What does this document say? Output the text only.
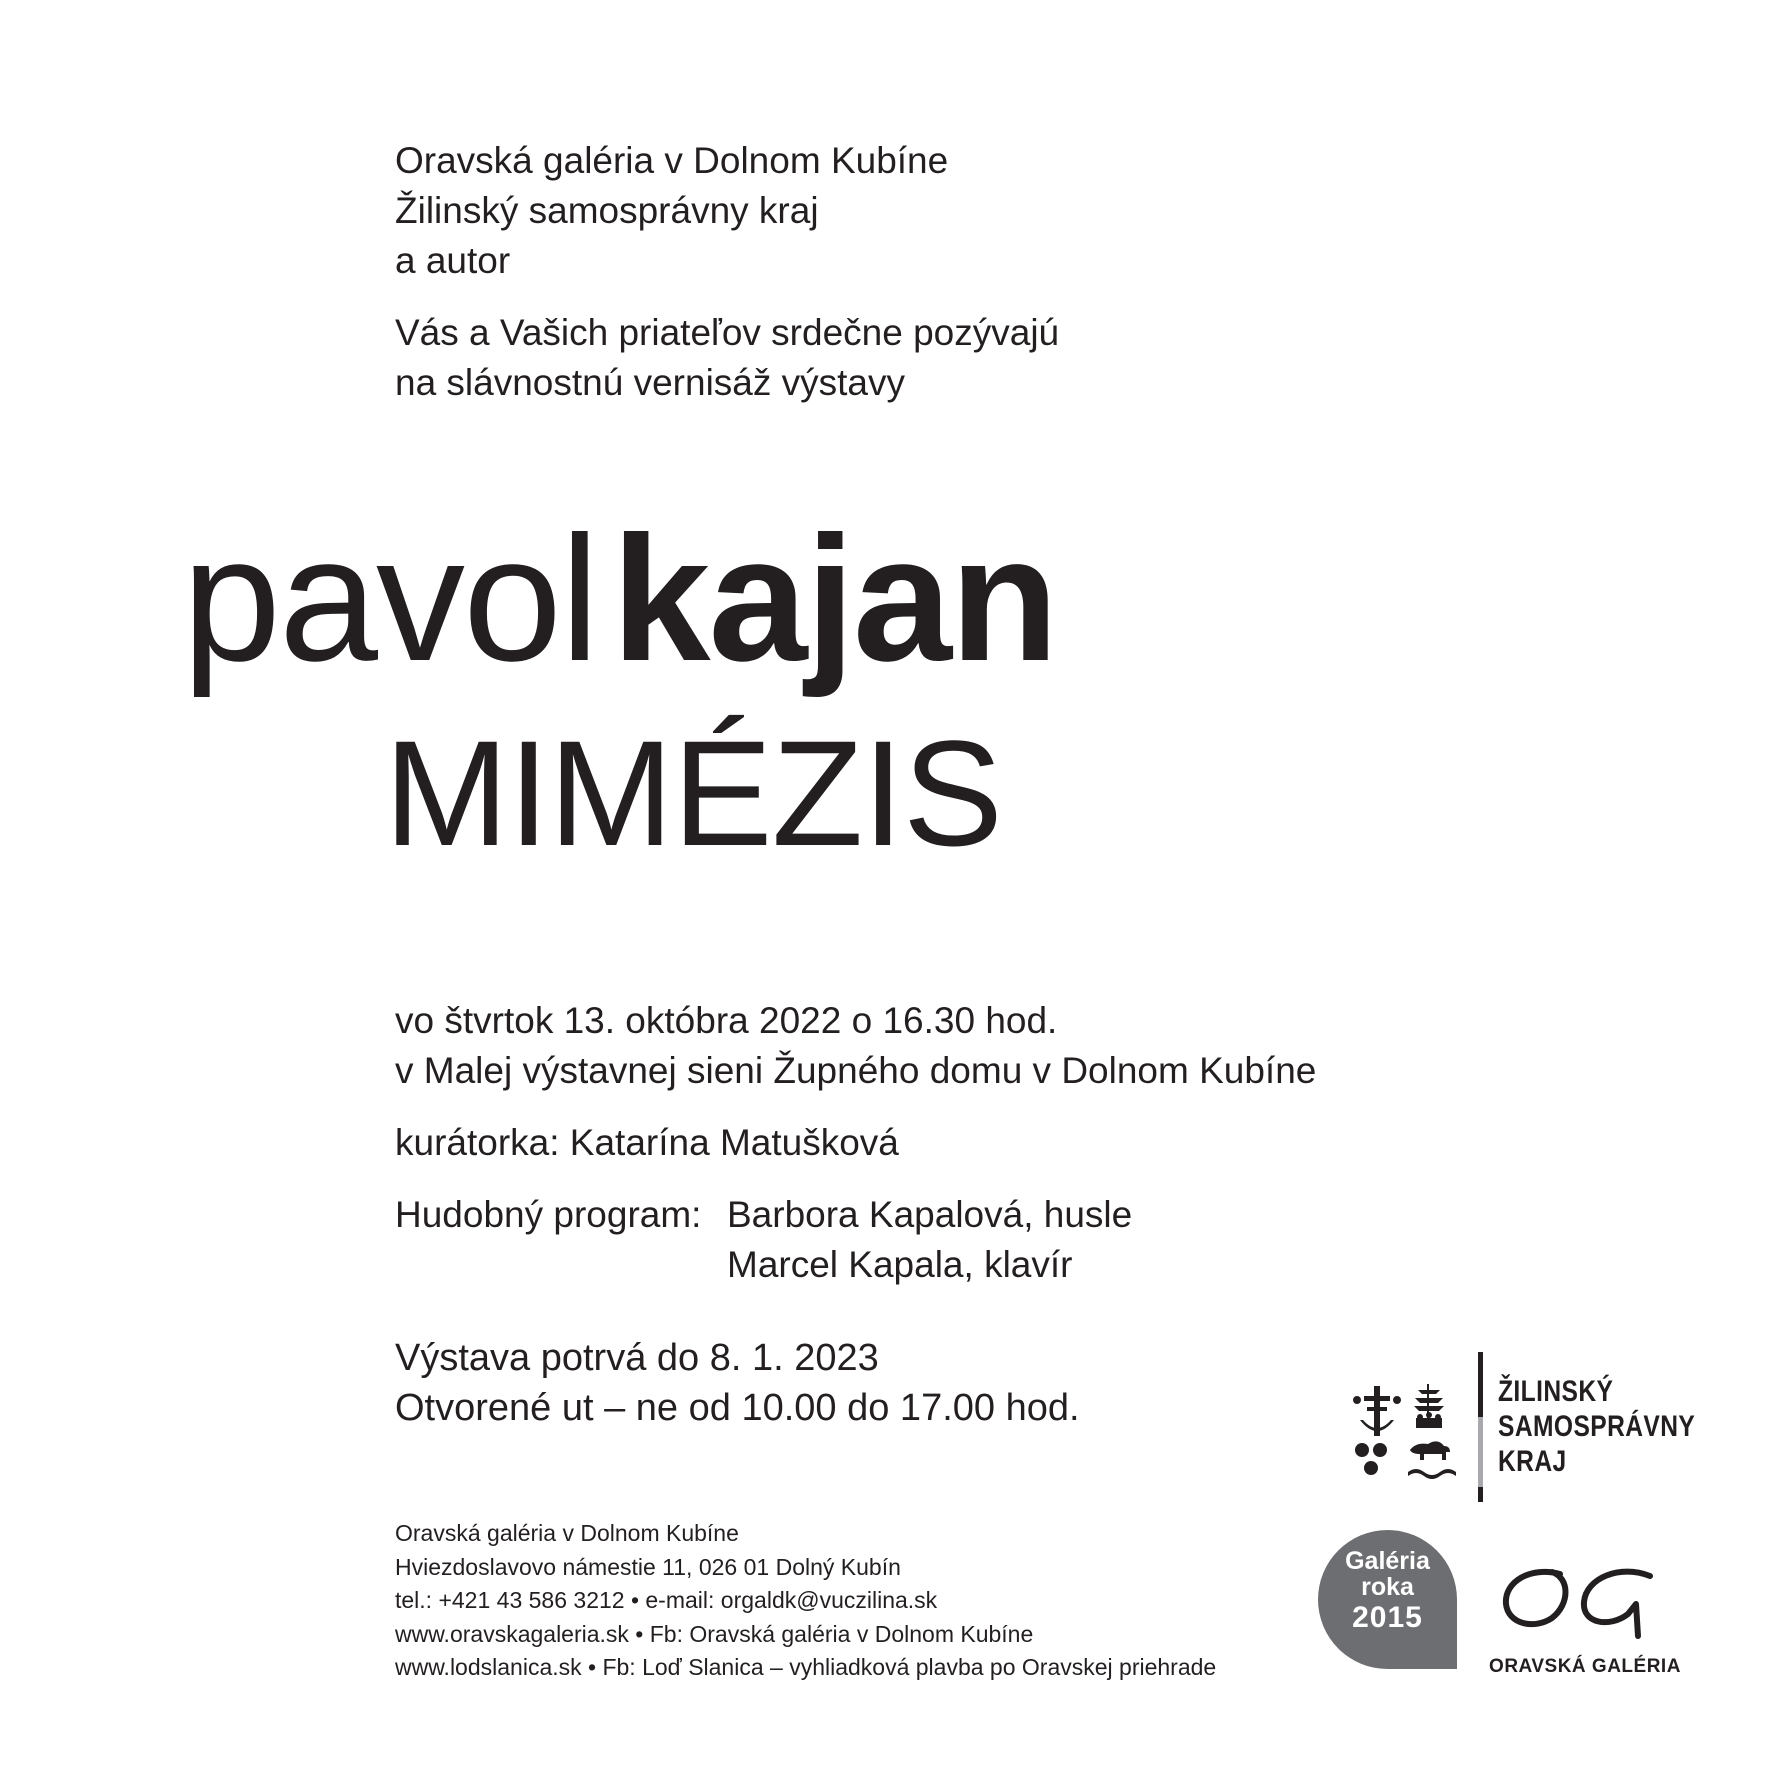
Oravská galéria v Dolnom Kubíne

Žilinský samosprávny kraj

a autor

Vás a Vašich priateľov srdečne pozývajú

na slávnostnú vernisáž výstavy

pavolkajan
MIMÉZIS

vo štvrtok 13. októbra 2022 o 16.30 hod.

v Malej výstavnej sieni Župného domu v Dolnom Kubíne

kurátorka: Katarína Matušková

Hudobný program: Barbora Kapalová, husle

Marcel Kapala, klavír

Výstava potrvá do 8. 1. 2023

Otvorené ut – ne od 10.00 do 17.00 hod.

Oravská galéria v Dolnom Kubíne

Hviezdoslavovo námestie 11, 026 01 Dolný Kubín

tel.: +421 43 586 3212 • e-mail: orgaldk@vuczilina.sk

www.oravskagaleria.sk • Fb: Oravská galéria v Dolnom Kubíne

www.lodslanica.sk • Fb: Loď Slanica – vyhliadková plavba po Oravskej priehrade

ŽILINSKÝ
SAMOSPRÁVNY
KRAJ
Galéria
roka
2015
ORAVSKÁ GALÉRIA
